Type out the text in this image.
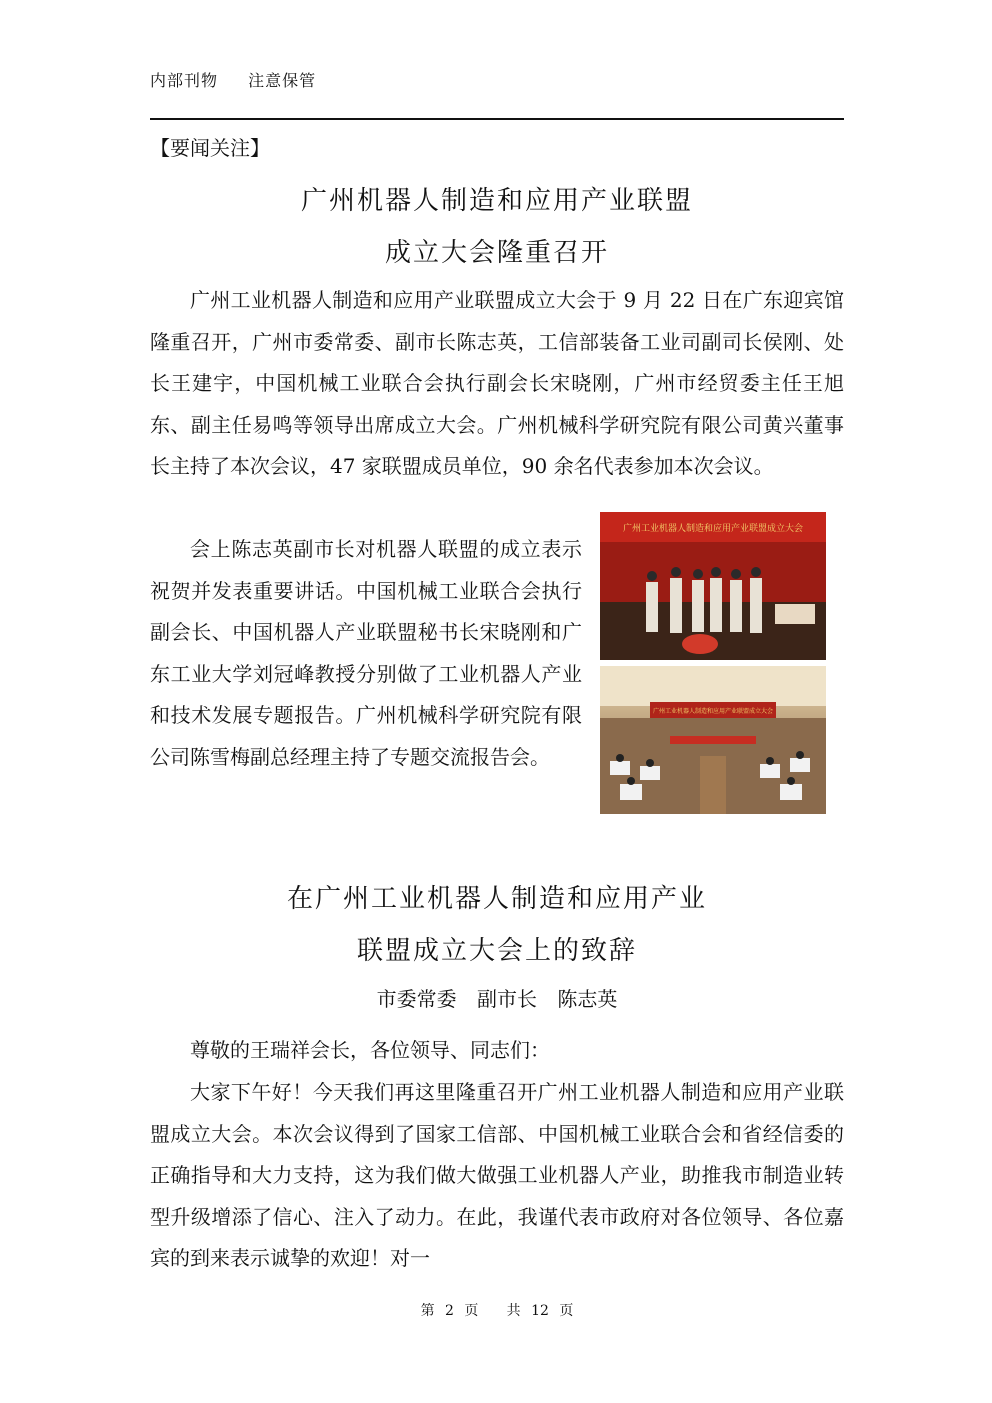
内部刊物 注意保管
【要闻关注】
广州机器人制造和应用产业联盟
成立大会隆重召开

广州工业机器人制造和应用产业联盟成立大会于 9 月 22 日在广东迎宾馆隆重召开，广州市委常委、副市长陈志英，工信部装备工业司副司长侯刚、处长王建宇，中国机械工业联合会执行副会长宋晓刚，广州市经贸委主任王旭东、副主任易鸣等领导出席成立大会。广州机械科学研究院有限公司黄兴董事长主持了本次会议，47 家联盟成员单位，90 余名代表参加本次会议。

会上陈志英副市长对机器人联盟的成立表示祝贺并发表重要讲话。中国机械工业联合会执行副会长、中国机器人产业联盟秘书长宋晓刚和广东工业大学刘冠峰教授分别做了工业机器人产业和技术发展专题报告。广州机械科学研究院有限公司陈雪梅副总经理主持了专题交流报告会。

广州工业机器人制造和应用产业联盟成立大会
广州工业机器人制造和应用产业联盟成立大会
在广州工业机器人制造和应用产业
联盟成立大会上的致辞
市委常委 副市长 陈志英

尊敬的王瑞祥会长，各位领导、同志们：

大家下午好！今天我们再这里隆重召开广州工业机器人制造和应用产业联盟成立大会。本次会议得到了国家工信部、中国机械工业联合会和省经信委的正确指导和大力支持，这为我们做大做强工业机器人产业，助推我市制造业转型升级增添了信心、注入了动力。在此，我谨代表市政府对各位领导、各位嘉宾的到来表示诚挚的欢迎！对一

第 2 页 共 12 页
